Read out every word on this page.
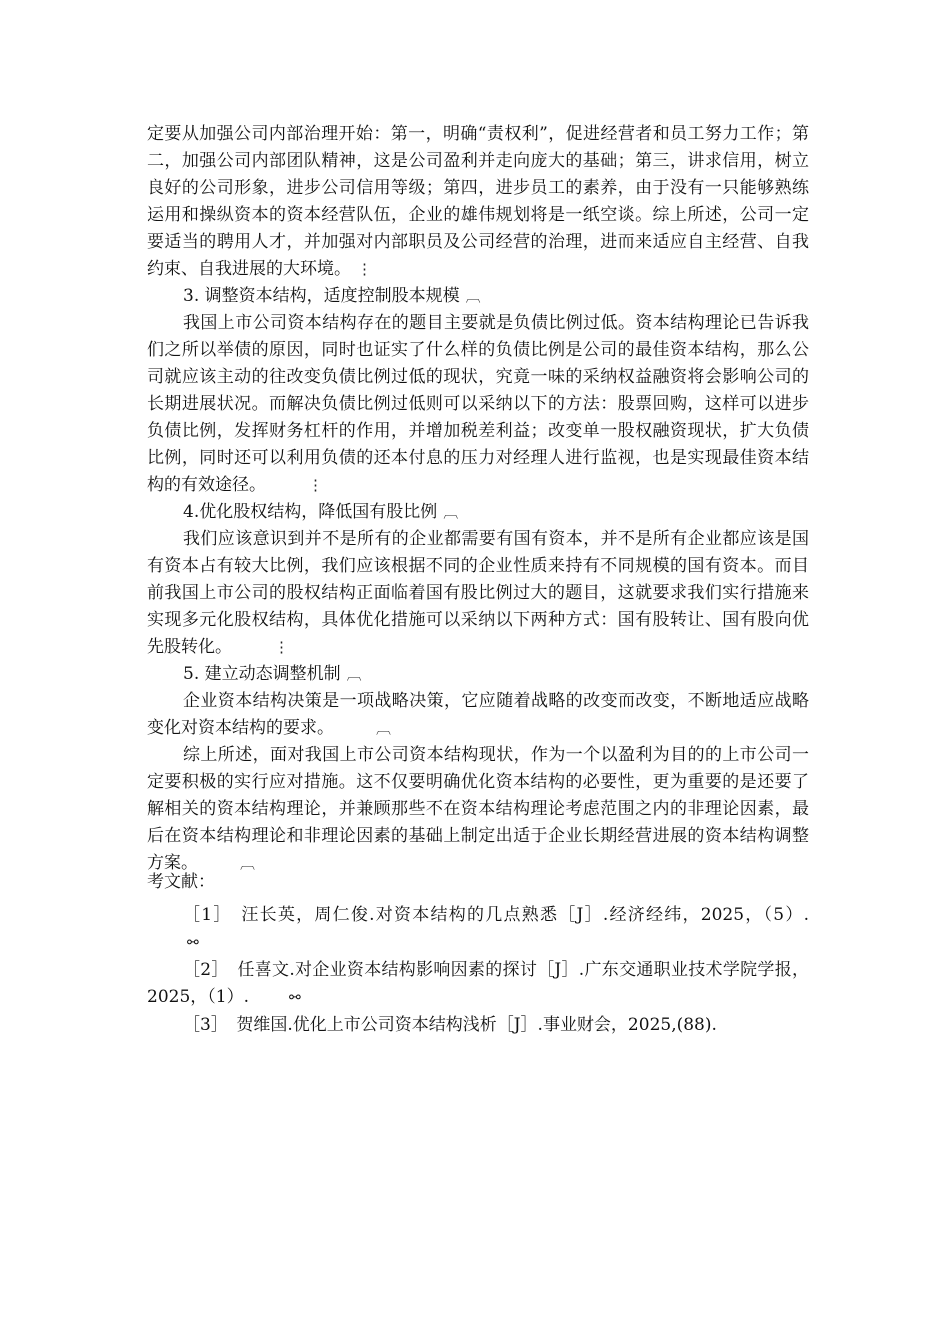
定要从加强公司内部治理开始：第一，明确“责权利”，促进经营者和员工努力工作；第二，加强公司内部团队精神，这是公司盈利并走向庞大的基础；第三，讲求信用，树立良好的公司形象，进步公司信用等级；第四，进步员工的素养，由于没有一只能够熟练运用和操纵资本的资本经营队伍，企业的雄伟规划将是一纸空谈。综上所述，公司一定要适当的聘用人才，并加强对内部职员及公司经营的治理，进而来适应自主经营、自我约束、自我进展的大环境。 ⋮

3. 调整资本结构，适度控制股本规模 ︹

我国上市公司资本结构存在的题目主要就是负债比例过低。资本结构理论已告诉我们之所以举债的原因，同时也证实了什么样的负债比例是公司的最佳资本结构，那么公司就应该主动的往改变负债比例过低的现状，究竟一味的采纳权益融资将会影响公司的长期进展状况。而解决负债比例过低则可以采纳以下的方法：股票回购，这样可以进步负债比例，发挥财务杠杆的作用，并增加税差利益；改变单一股权融资现状，扩大负债比例，同时还可以利用负债的还本付息的压力对经理人进行监视，也是实现最佳资本结构的有效途径。	⋮

4.优化股权结构，降低国有股比例 ︹

我们应该意识到并不是所有的企业都需要有国有资本，并不是所有企业都应该是国有资本占有较大比例，我们应该根据不同的企业性质来持有不同规模的国有资本。而目前我国上市公司的股权结构正面临着国有股比例过大的题目，这就要求我们实行措施来实现多元化股权结构，具体优化措施可以采纳以下两种方式：国有股转让、国有股向优先股转化。	⋮

5. 建立动态调整机制 ︹

企业资本结构决策是一项战略决策，它应随着战略的改变而改变，不断地适应战略变化对资本结构的要求。	︹

综上所述，面对我国上市公司资本结构现状，作为一个以盈利为目的的上市公司一定要积极的实行应对措施。这不仅要明确优化资本结构的必要性，更为重要的是还要了解相关的资本结构理论，并兼顾那些不在资本结构理论考虑范围之内的非理论因素，最后在资本结构理论和非理论因素的基础上制定出适于企业长期经营进展的资本结构调整方案。	︹

考文献：

［1］　汪长英，周仁俊.对资本结构的几点熟悉［J］.经济经纬，2025，（5）.⚯

［2］　任喜文.对企业资本结构影响因素的探讨［J］.广东交通职业技术学院学报，2025，（1）.	⚯

［3］　贺维国.优化上市公司资本结构浅析［J］.事业财会，2025,(88).
